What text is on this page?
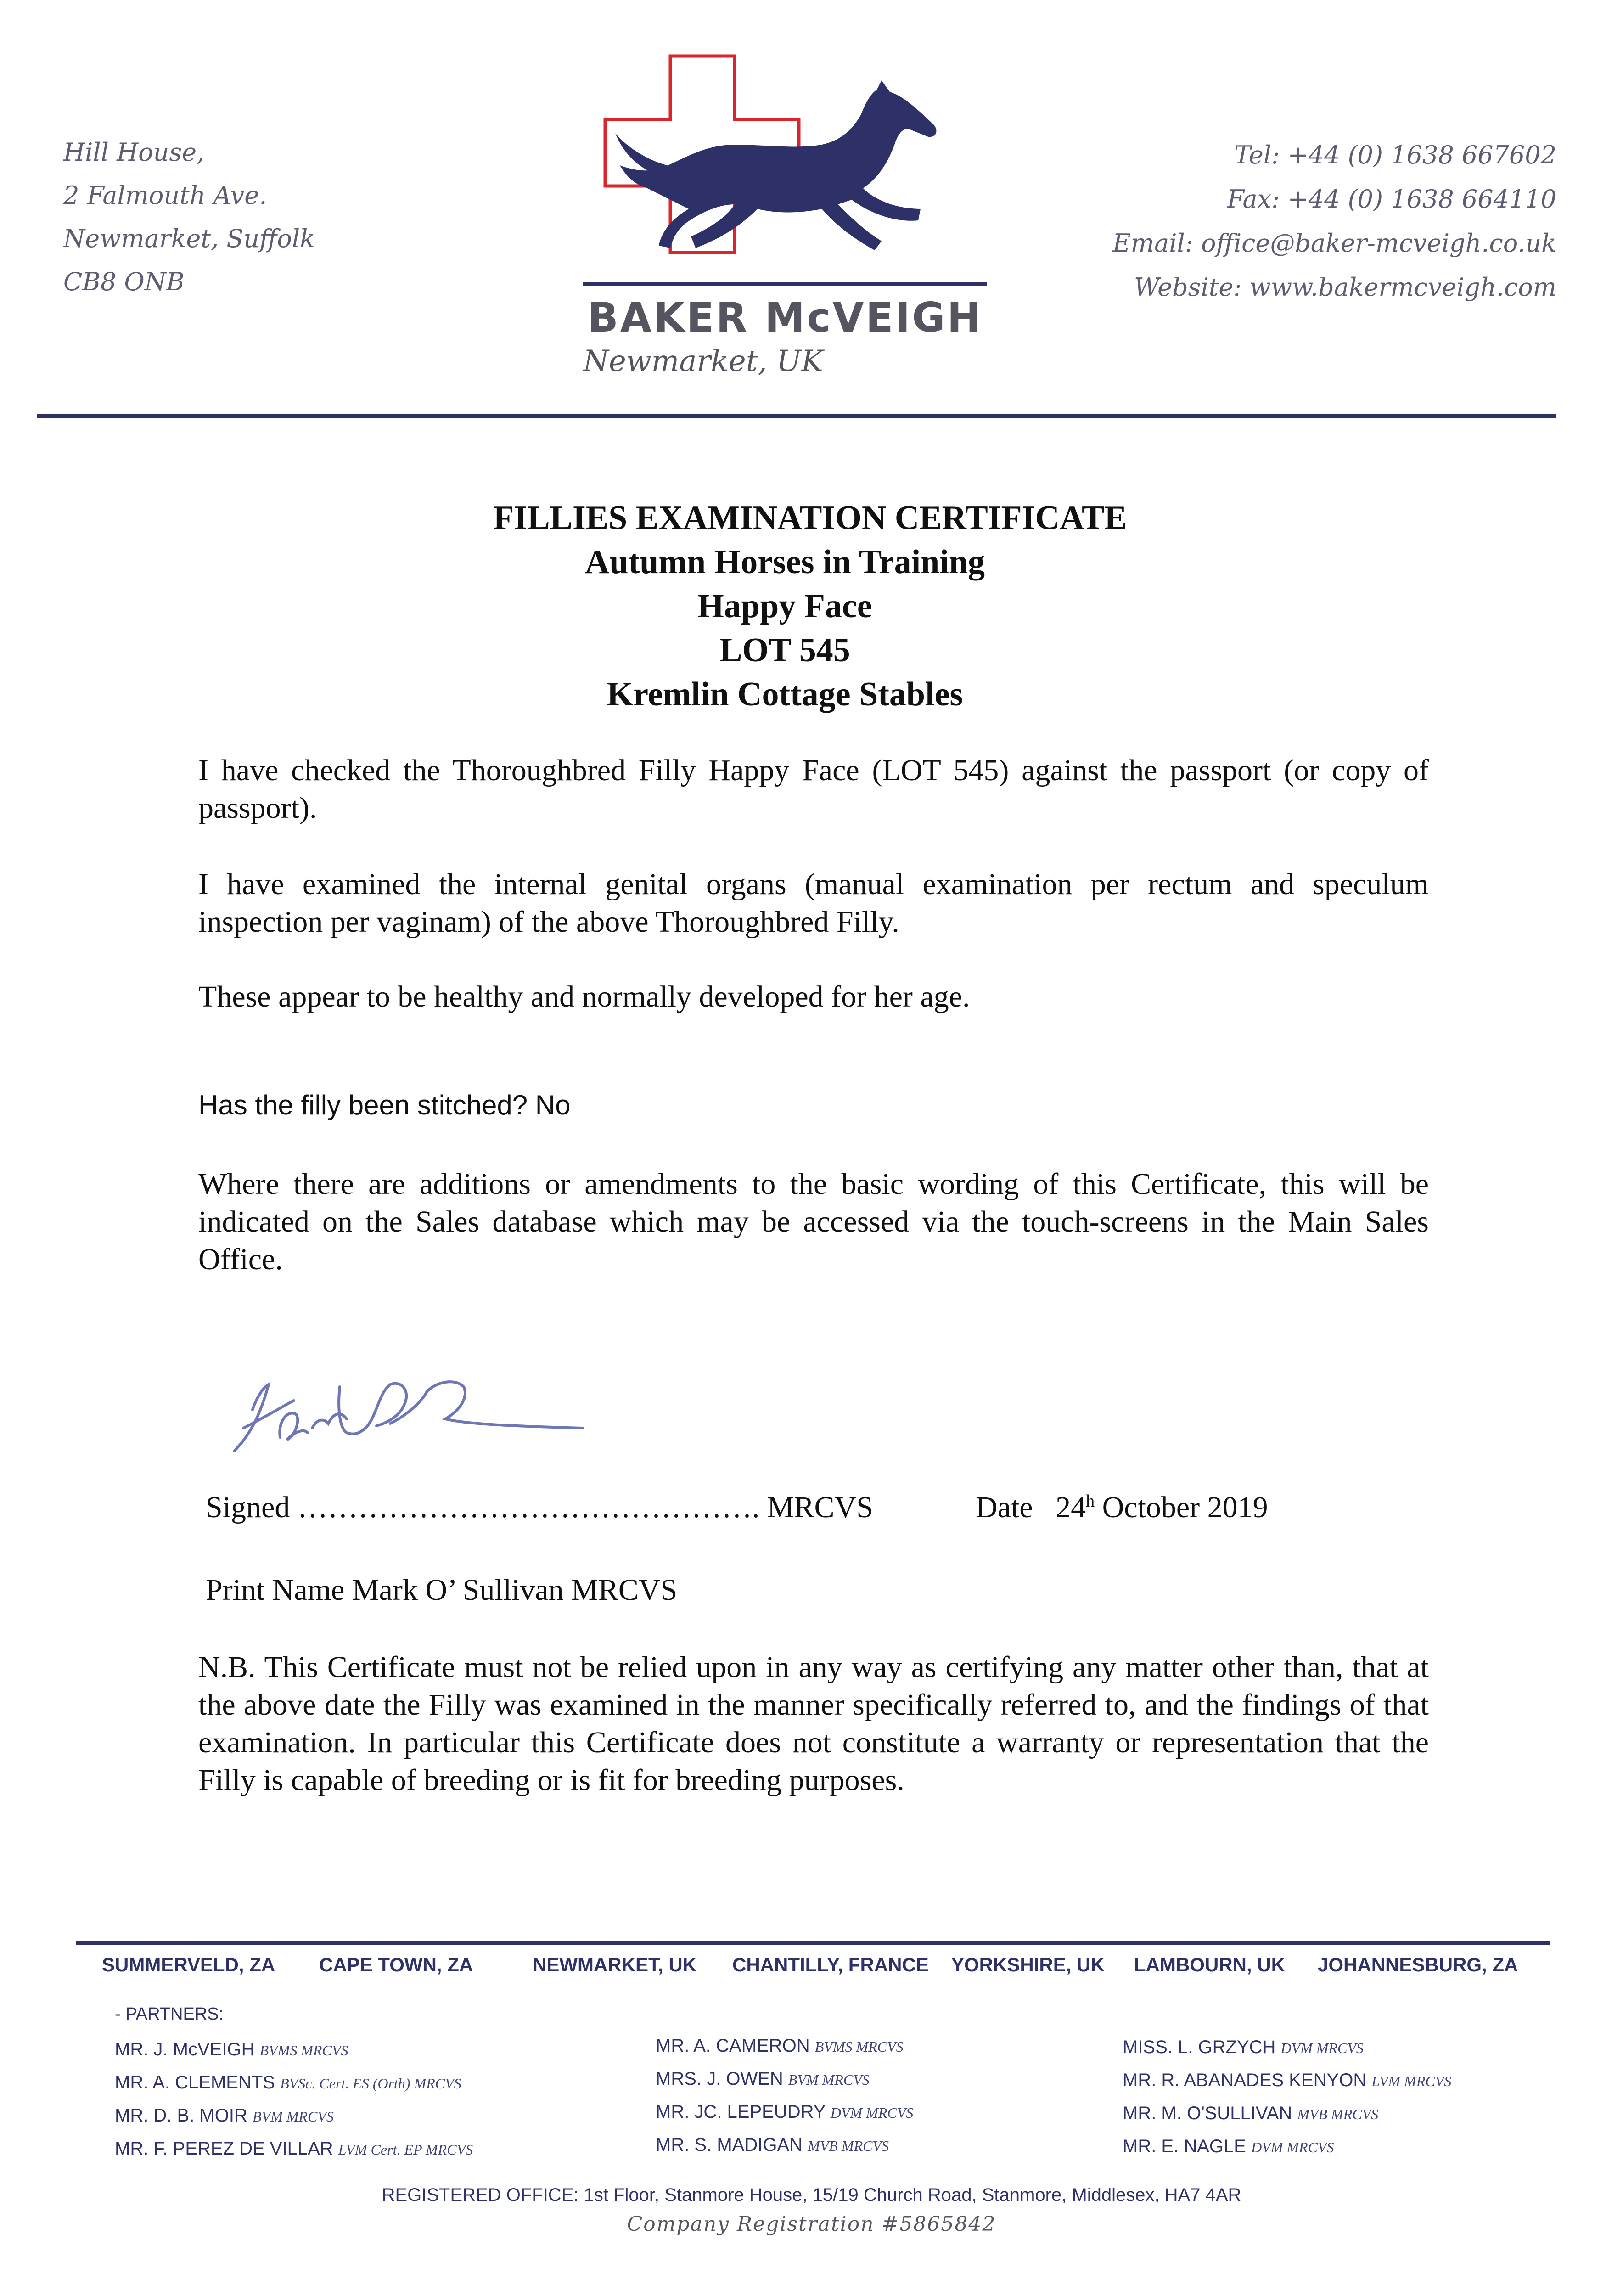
Hill House,
2 Falmouth Ave.
Newmarket, Suffolk
CB8 ONB
BAKER McVEIGH
Newmarket, UK
Tel: +44 (0) 1638 667602
Fax: +44 (0) 1638 664110
Email: office@baker-mcveigh.co.uk
Website: www.bakermcveigh.com
FILLIES EXAMINATION CERTIFICATE
Autumn Horses in Training
Happy Face
LOT 545
Kremlin Cottage Stables
I have checked the Thoroughbred Filly Happy Face (LOT 545) against the passport (or copy of passport).
I have examined the internal genital organs (manual examination per rectum and speculum inspection per vaginam) of the above Thoroughbred Filly.
These appear to be healthy and normally developed for her age.
Has the filly been stitched? No
Where there are additions or amendments to the basic wording of this Certificate, this will be indicated on the Sales database which may be accessed via the touch-screens in the Main Sales Office.
Signed ………………………………………. MRCVS	Date 24$^h$ October 2019
Print Name Mark O’ Sullivan MRCVS
N.B. This Certificate must not be relied upon in any way as certifying any matter other than, that at the above date the Filly was examined in the manner specifically referred to, and the findings of that examination. In particular this Certificate does not constitute a warranty or representation that the Filly is capable of breeding or is fit for breeding purposes.
SUMMERVELD, ZA CAPE TOWN, ZA	NEWMARKET, UK CHANTILLY, FRANCE YORKSHIRE, UK LAMBOURN, UK JOHANNESBURG, ZA
- PARTNERS:
MR. J. McVEIGH BVMS MRCVS
MR. A. CLEMENTS BVSc. Cert. ES (Orth) MRCVS
MR. D. B. MOIR BVM MRCVS
MR. F. PEREZ DE VILLAR LVM Cert. EP MRCVS
MR. A. CAMERON BVMS MRCVS
MRS. J. OWEN BVM MRCVS
MR. JC. LEPEUDRY DVM MRCVS
MR. S. MADIGAN MVB MRCVS
MISS. L. GRZYCH DVM MRCVS
MR. R. ABANADES KENYON LVM MRCVS
MR. M. O'SULLIVAN MVB MRCVS
MR. E. NAGLE DVM MRCVS
REGISTERED OFFICE: 1st Floor, Stanmore House, 15/19 Church Road, Stanmore, Middlesex, HA7 4AR
Company Registration #5865842
